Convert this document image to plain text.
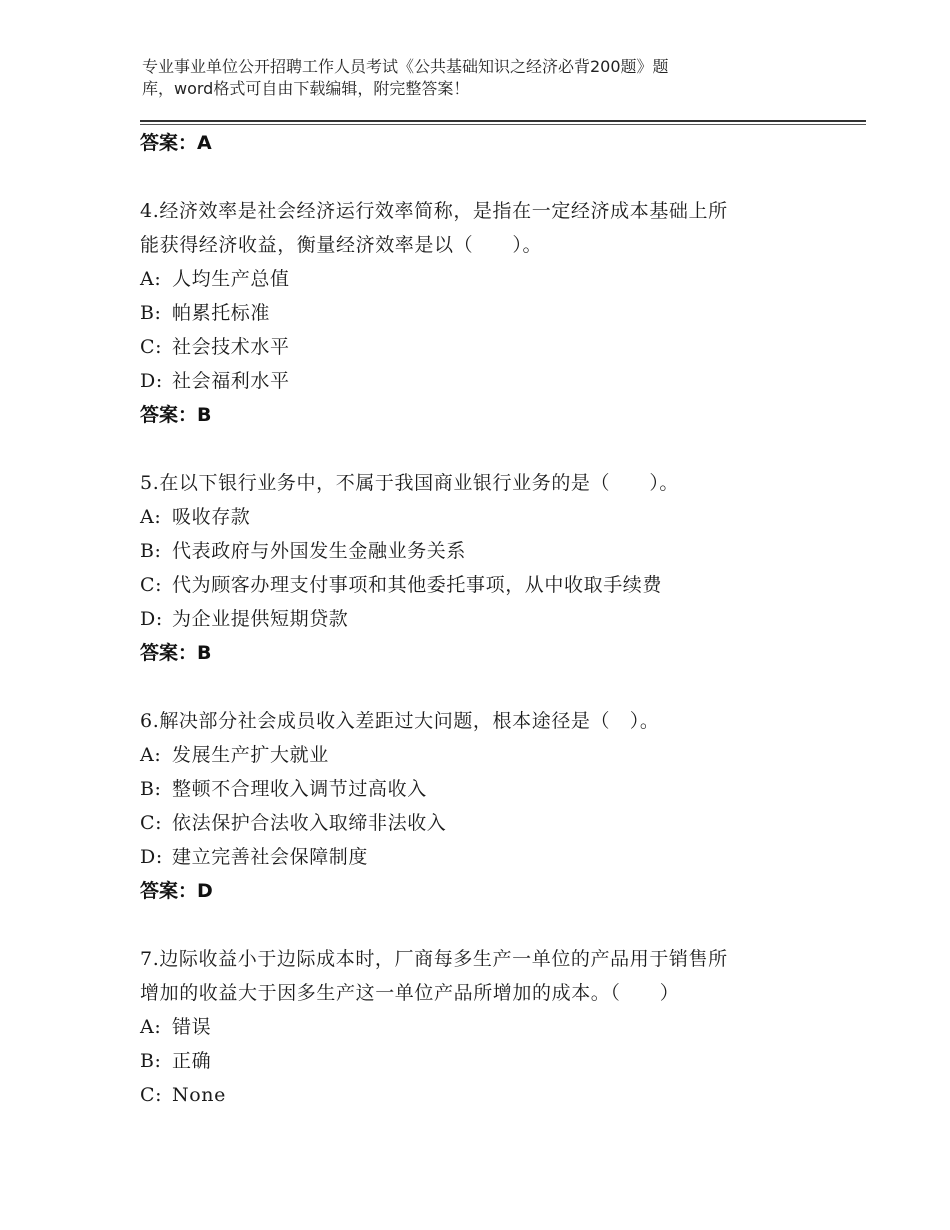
专业事业单位公开招聘工作人员考试《公共基础知识之经济必背200题》题
库，word格式可自由下载编辑，附完整答案！
答案：A
4.经济效率是社会经济运行效率简称，是指在一定经济成本基础上所
能获得经济收益，衡量经济效率是以（　　）。
A: 人均生产总值
B: 帕累托标准
C: 社会技术水平
D: 社会福利水平
答案：B
5.在以下银行业务中，不属于我国商业银行业务的是（　　）。
A: 吸收存款
B: 代表政府与外国发生金融业务关系
C: 代为顾客办理支付事项和其他委托事项，从中收取手续费
D: 为企业提供短期贷款
答案：B
6.解决部分社会成员收入差距过大问题，根本途径是（　）。
A: 发展生产扩大就业
B: 整顿不合理收入调节过高收入
C: 依法保护合法收入取缔非法收入
D: 建立完善社会保障制度
答案：D
7.边际收益小于边际成本时，厂商每多生产一单位的产品用于销售所
增加的收益大于因多生产这一单位产品所增加的成本。（　　）
A: 错误
B: 正确
C: None
